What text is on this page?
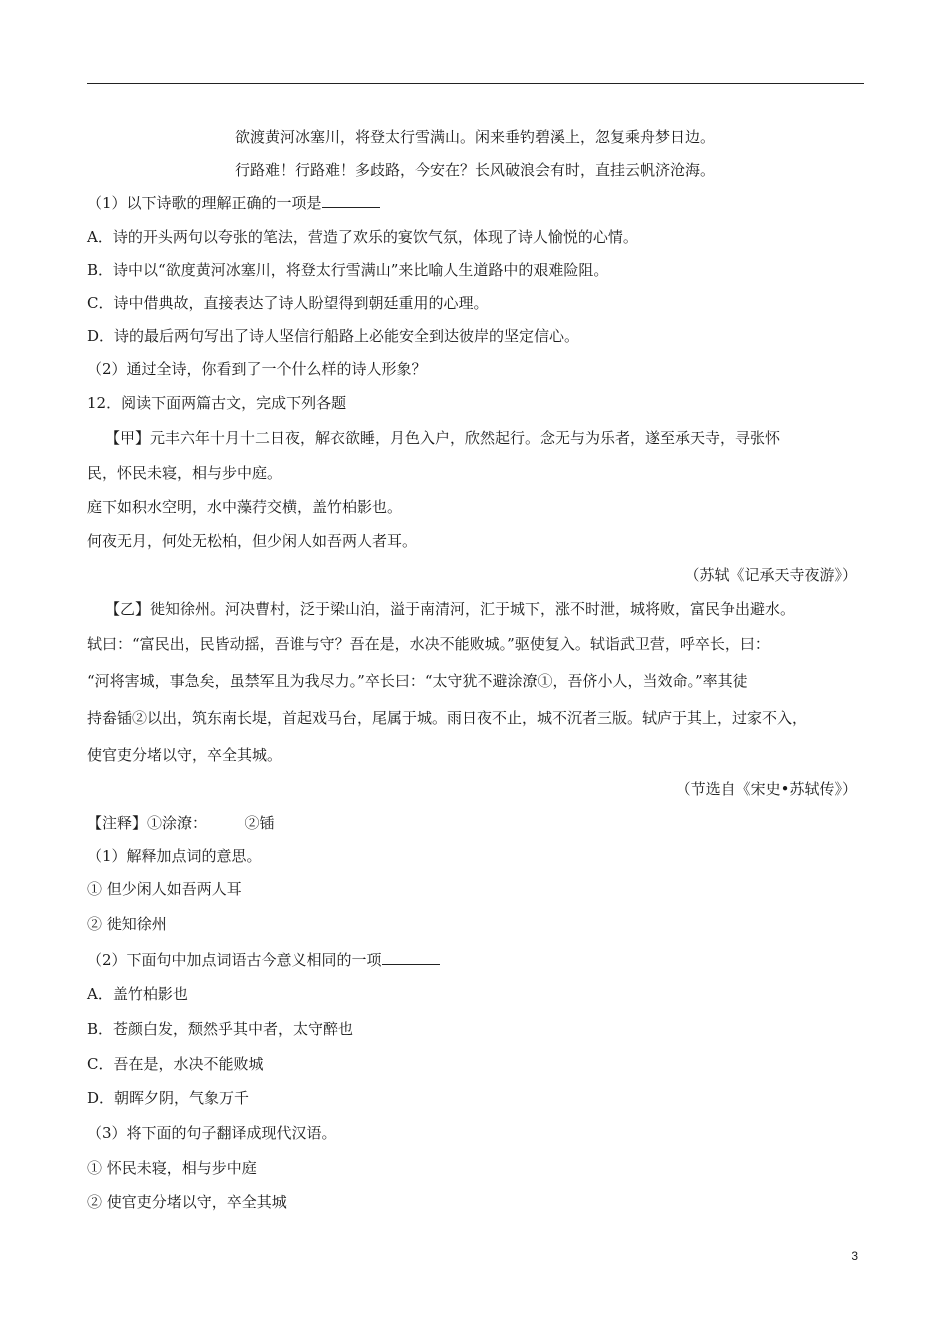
欲渡黄河冰塞川，将登太行雪满山。闲来垂钓碧溪上，忽复乘舟梦日边。
行路难！行路难！多歧路，今安在？长风破浪会有时，直挂云帆济沧海。
（1）以下诗歌的理解正确的一项是
A．诗的开头两句以夸张的笔法，营造了欢乐的宴饮气氛，体现了诗人愉悦的心情。
B．诗中以“欲度黄河冰塞川，将登太行雪满山”来比喻人生道路中的艰难险阻。
C．诗中借典故，直接表达了诗人盼望得到朝廷重用的心理。
D．诗的最后两句写出了诗人坚信行船路上必能安全到达彼岸的坚定信心。
（2）通过全诗，你看到了一个什么样的诗人形象？
12．阅读下面两篇古文，完成下列各题
【甲】元丰六年十月十二日夜，解衣欲睡，月色入户，欣然起行。念无与为乐者，遂至承天寺，寻张怀
民，怀民未寝，相与步中庭。
庭下如积水空明，水中藻荇交横，盖竹柏影也。
何夜无月，何处无松柏，但少闲人如吾两人者耳。
（苏轼《记承天寺夜游》）
【乙】徙知徐州。河决曹村，泛于梁山泊，溢于南清河，汇于城下，涨不时泄，城将败，富民争出避水。
轼曰：“富民出，民皆动摇，吾谁与守？吾在是，水决不能败城。”驱使复入。轼诣武卫营，呼卒长，曰：
“河将害城，事急矣，虽禁军且为我尽力。”卒长曰：“太守犹不避涂潦①，吾侪小人，当效命。”率其徒
持畚锸②以出，筑东南长堤，首起戏马台，尾属于城。雨日夜不止，城不沉者三版。轼庐于其上，过家不入，
使官吏分堵以守，卒全其城。
（节选自《宋史•苏轼传》）
【注释】①涂潦：　　　②锸
（1）解释加点词的意思。
① 但少闲人如吾两人耳
② 徙知徐州
（2）下面句中加点词语古今意义相同的一项
A．盖竹柏影也
B．苍颜白发，颓然乎其中者，太守醉也
C．吾在是，水决不能败城
D．朝晖夕阴，气象万千
（3）将下面的句子翻译成现代汉语。
① 怀民未寝，相与步中庭
② 使官吏分堵以守，卒全其城
3
